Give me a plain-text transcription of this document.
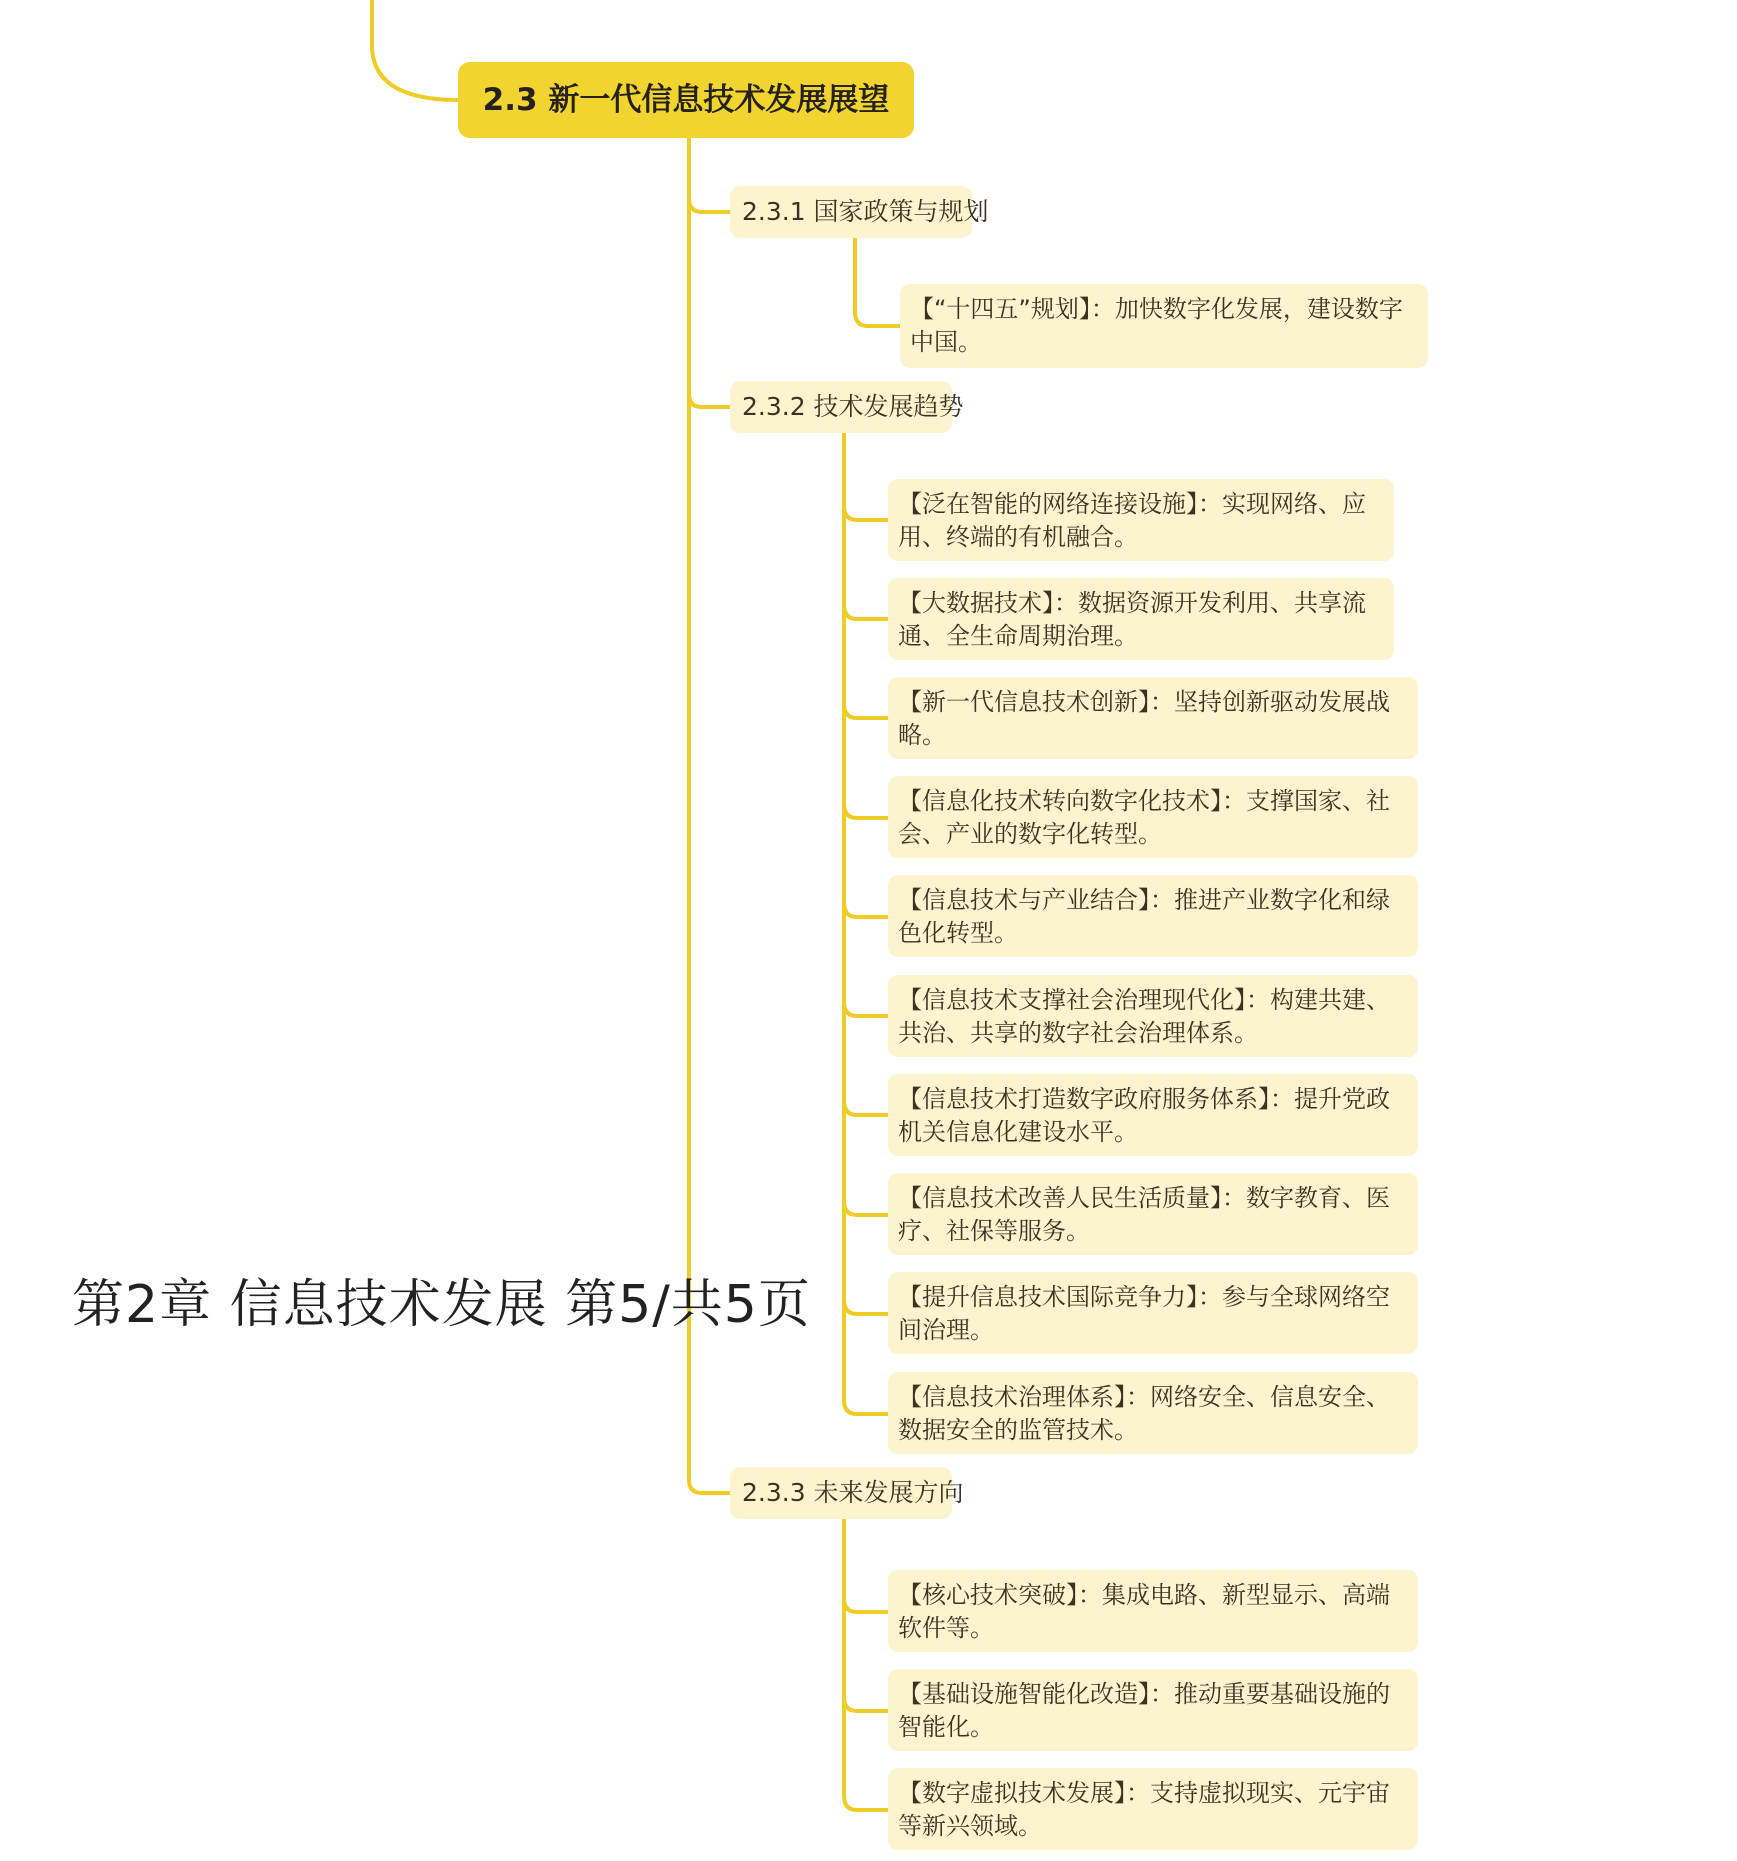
2.3 新一代信息技术发展展望
2.3.1 国家政策与规划
【“十四五”规划】：加快数字化发展，建设数字中国。
2.3.2 技术发展趋势
【泛在智能的网络连接设施】：实现网络、应用、终端的有机融合。
【大数据技术】：数据资源开发利用、共享流通、全生命周期治理。
【新一代信息技术创新】：坚持创新驱动发展战略。
【信息化技术转向数字化技术】：支撑国家、社会、产业的数字化转型。
【信息技术与产业结合】：推进产业数字化和绿色化转型。
【信息技术支撑社会治理现代化】：构建共建、共治、共享的数字社会治理体系。
【信息技术打造数字政府服务体系】：提升党政机关信息化建设水平。
【信息技术改善人民生活质量】：数字教育、医疗、社保等服务。
【提升信息技术国际竞争力】：参与全球网络空间治理。
【信息技术治理体系】：网络安全、信息安全、数据安全的监管技术。
2.3.3 未来发展方向
【核心技术突破】：集成电路、新型显示、高端软件等。
【基础设施智能化改造】：推动重要基础设施的智能化。
【数字虚拟技术发展】：支持虚拟现实、元宇宙等新兴领域。
第2章 信息技术发展 第5/共5页
